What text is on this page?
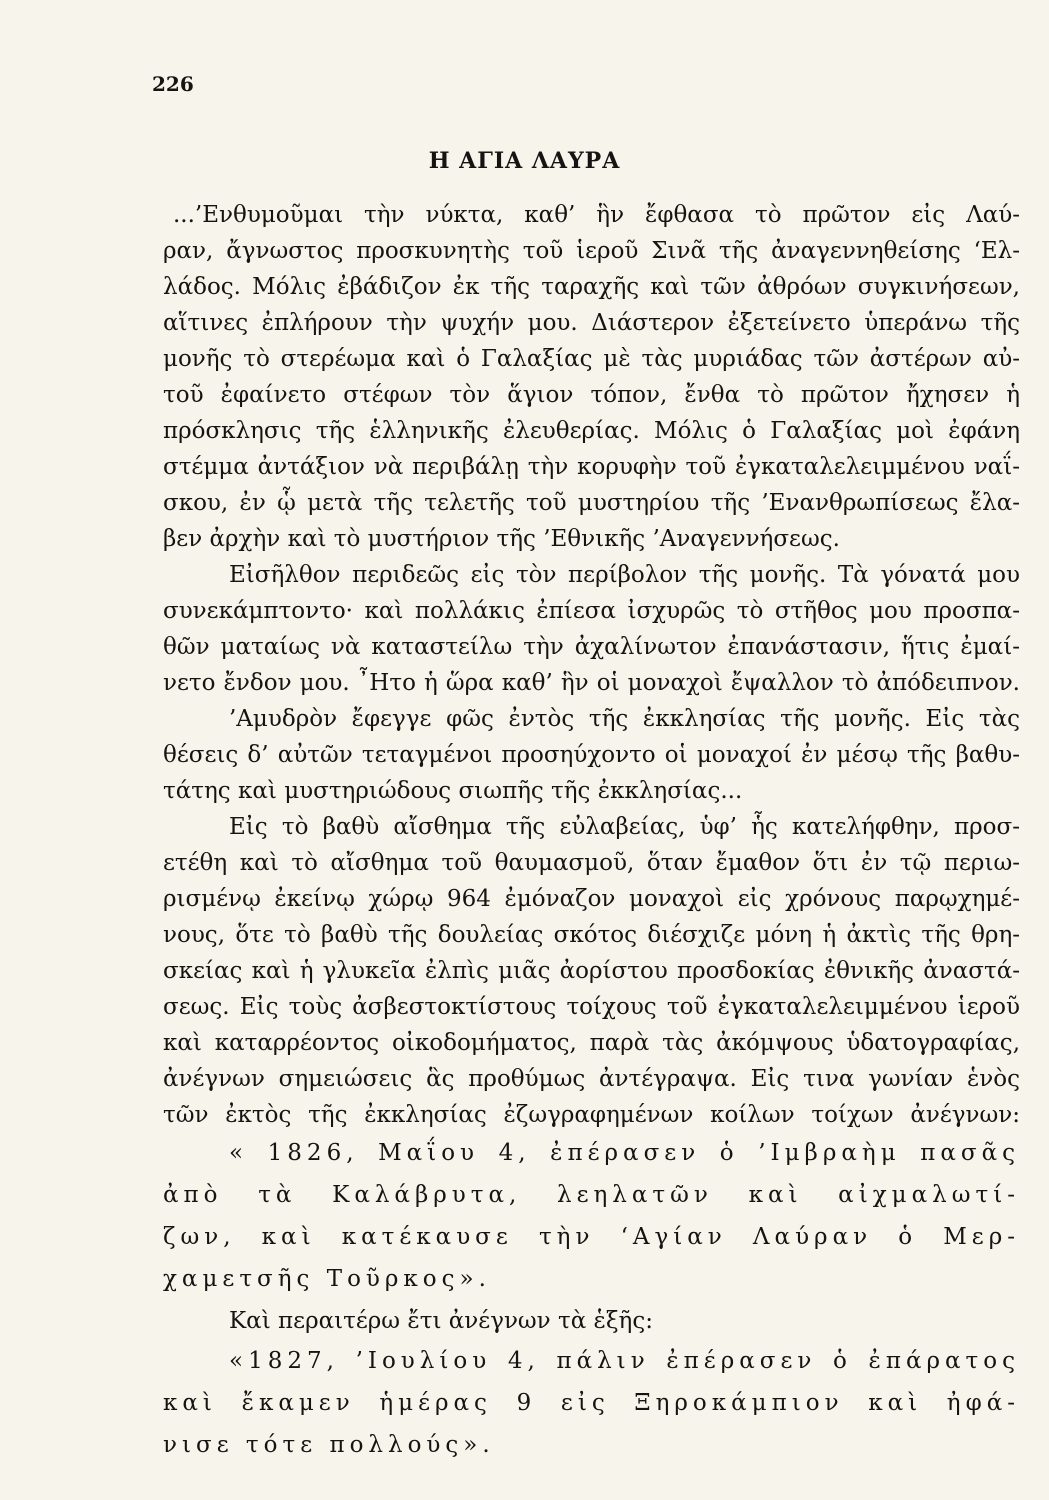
226
Η ΑΓΙΑ ΛΑΥΡΑ
...’Ενθυμοῦμαι τὴν νύκτα, καθ’ ἣν ἔφθασα τὸ πρῶτον εἰς Λαύ-
ραν, ἄγνωστος προσκυνητὴς τοῦ ἱεροῦ Σινᾶ τῆς ἀναγεννηθείσης ‘Ελ-
λάδος. Μόλις ἐβάδιζον ἐκ τῆς ταραχῆς καὶ τῶν ἀθρόων συγκινήσεων,
αἵτινες ἐπλήρουν τὴν ψυχήν μου. Διάστερον ἐξετείνετο ὑπεράνω τῆς
μονῆς τὸ στερέωμα καὶ ὁ Γαλαξίας μὲ τὰς μυριάδας τῶν ἀστέρων αὐ-
τοῦ ἐφαίνετο στέφων τὸν ἅγιον τόπον, ἔνθα τὸ πρῶτον ἤχησεν ἡ
πρόσκλησις τῆς ἑλληνικῆς ἐλευθερίας. Μόλις ὁ Γαλαξίας μοὶ ἐφάνη
στέμμα ἀντάξιον νὰ περιβάλῃ τὴν κορυφὴν τοῦ ἐγκαταλελειμμένου ναΐ-
σκου, ἐν ᾧ μετὰ τῆς τελετῆς τοῦ μυστηρίου τῆς ’Ενανθρωπίσεως ἔλα-
βεν ἀρχὴν καὶ τὸ μυστήριον τῆς ’Εθνικῆς ’Αναγεννήσεως.
Εἰσῆλθον περιδεῶς εἰς τὸν περίβολον τῆς μονῆς. Τὰ γόνατά μου
συνεκάμπτοντο· καὶ πολλάκις ἐπίεσα ἰσχυρῶς τὸ στῆθος μου προσπα-
θῶν ματαίως νὰ καταστείλω τὴν ἀχαλίνωτον ἐπανάστασιν, ἥτις ἐμαί-
νετο ἔνδον μου. ῏Ητο ἡ ὥρα καθ’ ἣν οἱ μοναχοὶ ἔψαλλον τὸ ἀπόδειπνον.
’Αμυδρὸν ἔφεγγε φῶς ἐντὸς τῆς ἐκκλησίας τῆς μονῆς. Εἰς τὰς
θέσεις δ’ αὐτῶν τεταγμένοι προσηύχοντο οἱ μοναχοί ἐν μέσῳ τῆς βαθυ-
τάτης καὶ μυστηριώδους σιωπῆς τῆς ἐκκλησίας...
Εἰς τὸ βαθὺ αἴσθημα τῆς εὐλαβείας, ὑφ’ ἧς κατελήφθην, προσ-
ετέθη καὶ τὸ αἴσθημα τοῦ θαυμασμοῦ, ὅταν ἔμαθον ὅτι ἐν τῷ περιω-
ρισμένῳ ἐκείνῳ χώρῳ 964 ἐμόναζον μοναχοὶ εἰς χρόνους παρῳχημέ-
νους, ὅτε τὸ βαθὺ τῆς δουλείας σκότος διέσχιζε μόνη ἡ ἀκτὶς τῆς θρη-
σκείας καὶ ἡ γλυκεῖα ἐλπὶς μιᾶς ἀορίστου προσδοκίας ἐθνικῆς ἀναστά-
σεως. Εἰς τοὺς ἀσβεστοκτίστους τοίχους τοῦ ἐγκαταλελειμμένου ἱεροῦ
καὶ καταρρέοντος οἰκοδομήματος, παρὰ τὰς ἀκόμψους ὑδατογραφίας,
ἀνέγνων σημειώσεις ἃς προθύμως ἀντέγραψα. Εἰς τινα γωνίαν ἑνὸς
τῶν ἐκτὸς τῆς ἐκκλησίας ἐζωγραφημένων κοίλων τοίχων ἀνέγνων:
« 1826, Μαΐου 4, ἐπέρασεν ὁ ’Ιμβραὴμ πασᾶς
ἀπὸ τὰ Καλάβρυτα, λεηλατῶν καὶ αἰχμαλωτί-
ζων, καὶ κατέκαυσε τὴν ‘Αγίαν Λαύραν ὁ Μερ-
χαμετσῆς Τοῦρκος».
Καὶ περαιτέρω ἔτι ἀνέγνων τὰ ἑξῆς:
«1827, ’Ιουλίου 4, πάλιν ἐπέρασεν ὁ ἐπάρατος
καὶ ἔκαμεν ἡμέρας 9 εἰς Ξηροκάμπιον καὶ ἠφά-
νισε τότε πολλούς».
